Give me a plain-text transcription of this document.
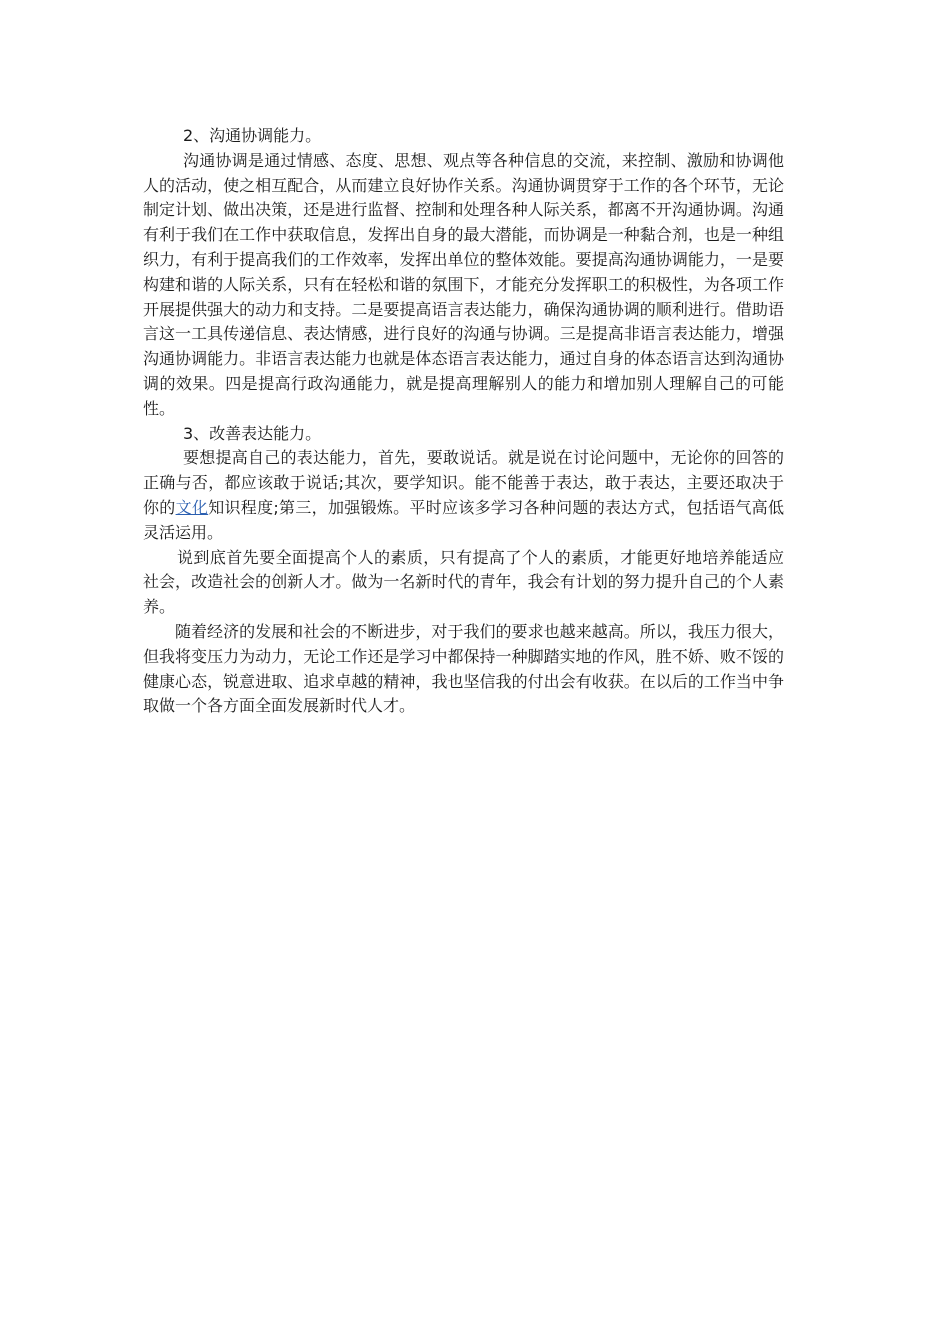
2、沟通协调能力。

沟通协调是通过情感、态度、思想、观点等各种信息的交流，来控制、激励和协调他人的活动，使之相互配合，从而建立良好协作关系。沟通协调贯穿于工作的各个环节，无论制定计划、做出决策，还是进行监督、控制和处理各种人际关系，都离不开沟通协调。沟通有利于我们在工作中获取信息，发挥出自身的最大潜能，而协调是一种黏合剂，也是一种组织力，有利于提高我们的工作效率，发挥出单位的整体效能。要提高沟通协调能力，一是要构建和谐的人际关系，只有在轻松和谐的氛围下，才能充分发挥职工的积极性，为各项工作开展提供强大的动力和支持。二是要提高语言表达能力，确保沟通协调的顺利进行。借助语言这一工具传递信息、表达情感，进行良好的沟通与协调。三是提高非语言表达能力，增强沟通协调能力。非语言表达能力也就是体态语言表达能力，通过自身的体态语言达到沟通协调的效果。四是提高行政沟通能力，就是提高理解别人的能力和增加别人理解自己的可能性。

3、改善表达能力。

要想提高自己的表达能力，首先，要敢说话。就是说在讨论问题中，无论你的回答的正确与否，都应该敢于说话;其次，要学知识。能不能善于表达，敢于表达，主要还取决于你的文化知识程度;第三，加强锻炼。平时应该多学习各种问题的表达方式，包括语气高低灵活运用。

说到底首先要全面提高个人的素质，只有提高了个人的素质，才能更好地培养能适应社会，改造社会的创新人才。做为一名新时代的青年，我会有计划的努力提升自己的个人素养。

随着经济的发展和社会的不断进步，对于我们的要求也越来越高。所以，我压力很大，但我将变压力为动力，无论工作还是学习中都保持一种脚踏实地的作风，胜不娇、败不馁的健康心态，锐意进取、追求卓越的精神，我也坚信我的付出会有收获。在以后的工作当中争取做一个各方面全面发展新时代人才。
